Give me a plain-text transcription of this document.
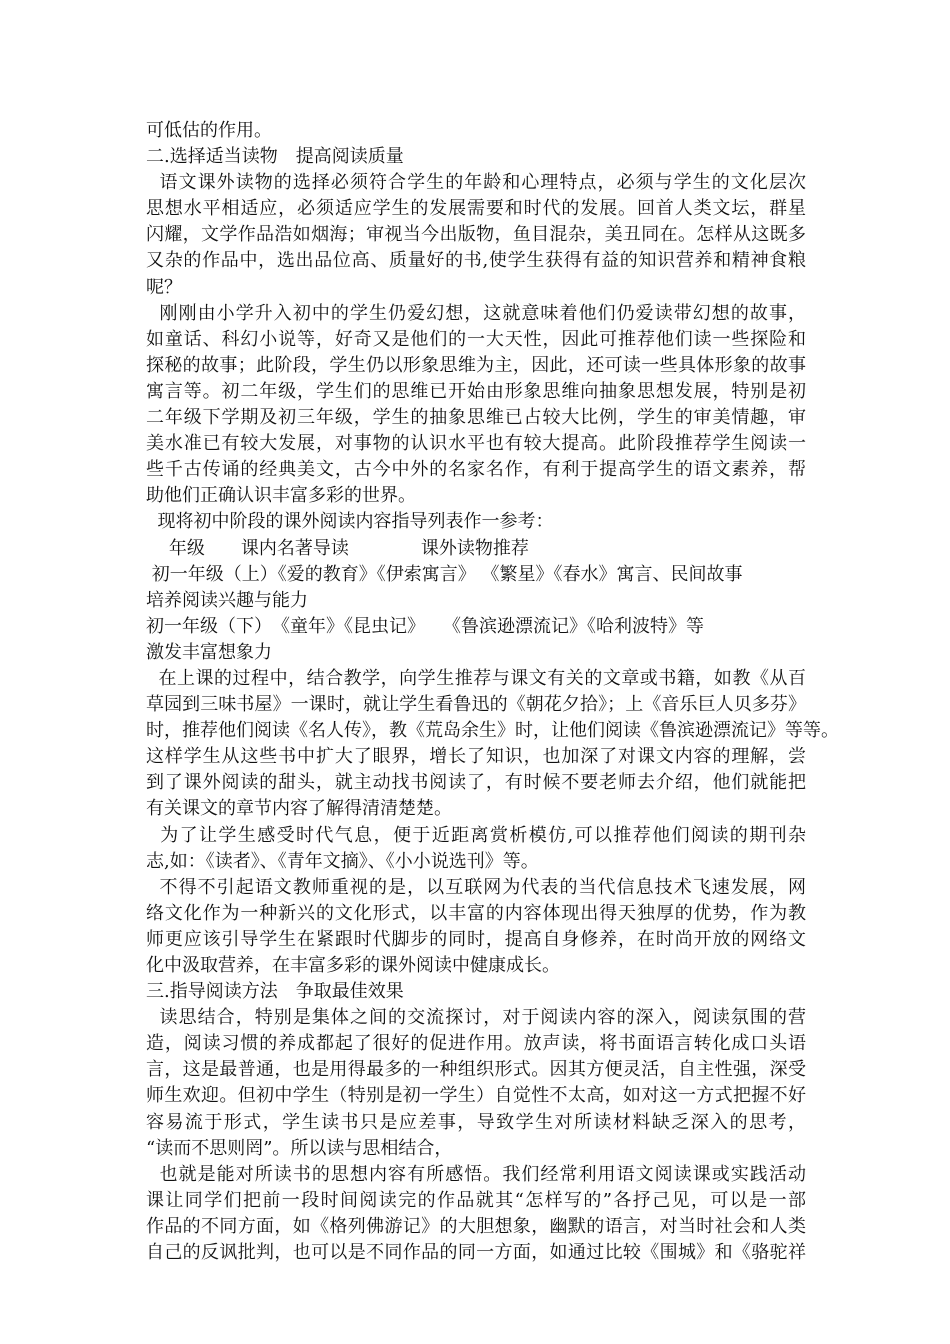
可低估的作用。
二.选择适当读物　提高阅读质量
语文课外读物的选择必须符合学生的年龄和心理特点，必须与学生的文化层次
思想水平相适应，必须适应学生的发展需要和时代的发展。回首人类文坛，群星
闪耀，文学作品浩如烟海；审视当今出版物，鱼目混杂，美丑同在。怎样从这既多
又杂的作品中，选出品位高、质量好的书,使学生获得有益的知识营养和精神食粮
呢？
刚刚由小学升入初中的学生仍爱幻想，这就意味着他们仍爱读带幻想的故事，
如童话、科幻小说等，好奇又是他们的一大天性，因此可推荐他们读一些探险和
探秘的故事；此阶段，学生仍以形象思维为主，因此，还可读一些具体形象的故事
寓言等。初二年级，学生们的思维已开始由形象思维向抽象思想发展，特别是初
二年级下学期及初三年级，学生的抽象思维已占较大比例，学生的审美情趣，审
美水准已有较大发展，对事物的认识水平也有较大提高。此阶段推荐学生阅读一
些千古传诵的经典美文，古今中外的名家名作，有利于提高学生的语文素养，帮
助他们正确认识丰富多彩的世界。
现将初中阶段的课外阅读内容指导列表作一参考：
年级　　课内名著导读　　　　课外读物推荐
初一年级（上）《爱的教育》《伊索寓言》 《繁星》《春水》寓言、民间故事
培养阅读兴趣与能力
初一年级（下）　《童年》《昆虫记》　　《鲁滨逊漂流记》《哈利波特》等
激发丰富想象力
在上课的过程中，结合教学，向学生推荐与课文有关的文章或书籍，如教《从百
草园到三味书屋》一课时，就让学生看鲁迅的《朝花夕拾》；上《音乐巨人贝多芬》
时，推荐他们阅读《名人传》，教《荒岛余生》时，让他们阅读《鲁滨逊漂流记》等等。
这样学生从这些书中扩大了眼界，增长了知识，也加深了对课文内容的理解，尝
到了课外阅读的甜头，就主动找书阅读了，有时候不要老师去介绍，他们就能把
有关课文的章节内容了解得清清楚楚。
为了让学生感受时代气息，便于近距离赏析模仿,可以推荐他们阅读的期刊杂
志,如：《读者》、《青年文摘》、《小小说选刊》等。
不得不引起语文教师重视的是，以互联网为代表的当代信息技术飞速发展，网
络文化作为一种新兴的文化形式，以丰富的内容体现出得天独厚的优势，作为教
师更应该引导学生在紧跟时代脚步的同时，提高自身修养，在时尚开放的网络文
化中汲取营养，在丰富多彩的课外阅读中健康成长。
三.指导阅读方法　争取最佳效果
读思结合，特别是集体之间的交流探讨，对于阅读内容的深入，阅读氛围的营
造，阅读习惯的养成都起了很好的促进作用。放声读，将书面语言转化成口头语
言，这是最普通，也是用得最多的一种组织形式。因其方便灵活，自主性强，深受
师生欢迎。但初中学生（特别是初一学生）自觉性不太高，如对这一方式把握不好
容易流于形式，学生读书只是应差事，导致学生对所读材料缺乏深入的思考，
“读而不思则罔”。所以读与思相结合，
也就是能对所读书的思想内容有所感悟。我们经常利用语文阅读课或实践活动
课让同学们把前一段时间阅读完的作品就其“怎样写的”各抒己见，可以是一部
作品的不同方面，如《格列佛游记》的大胆想象，幽默的语言，对当时社会和人类
自己的反讽批判，也可以是不同作品的同一方面，如通过比较《围城》和《骆驼祥
